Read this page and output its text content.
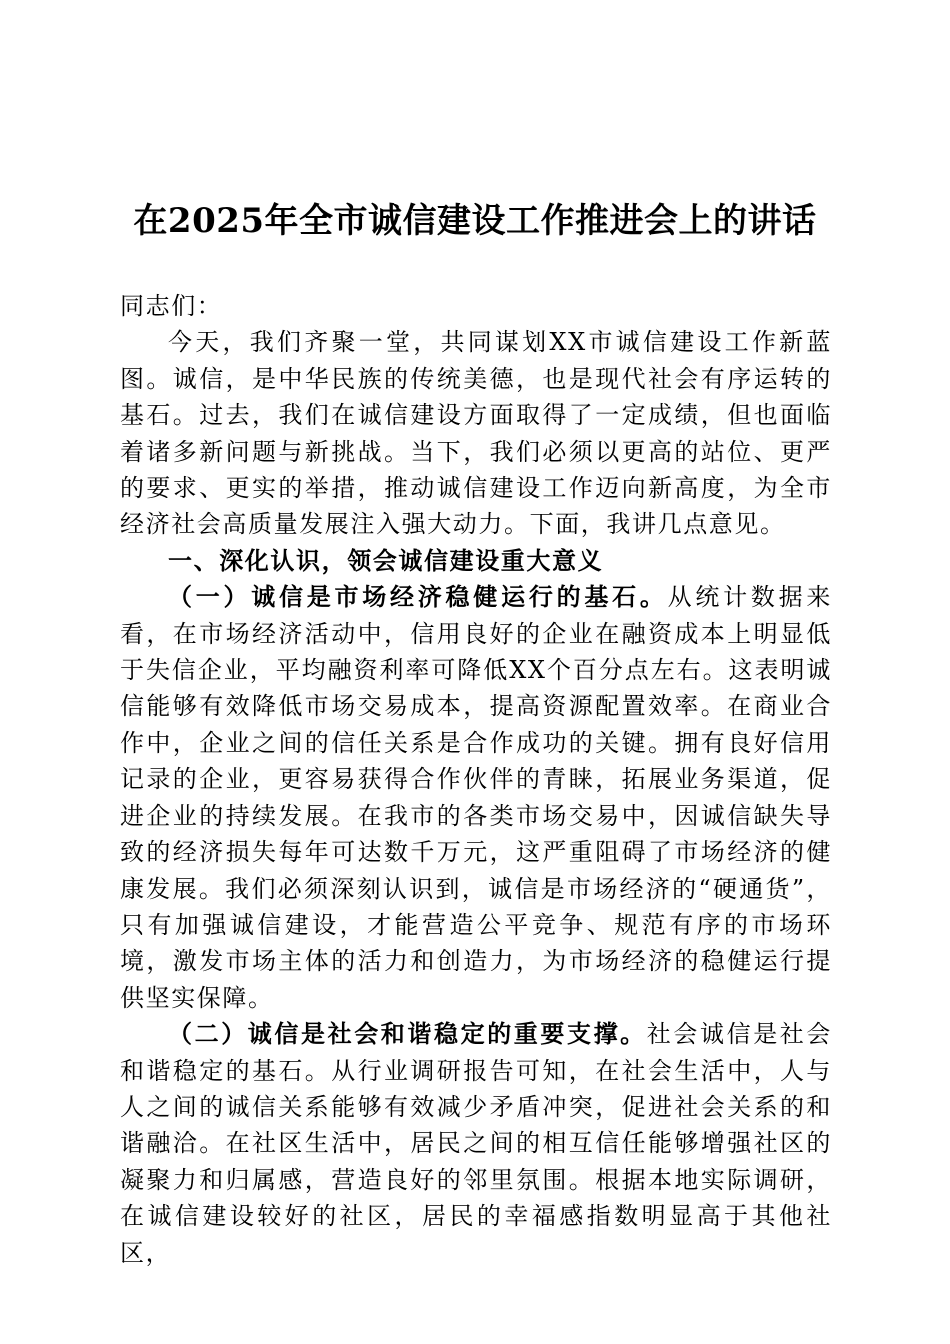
在2025年全市诚信建设工作推进会上的讲话

同志们：

今天，我们齐聚一堂，共同谋划XX市诚信建设工作新蓝图。诚信，是中华民族的传统美德，也是现代社会有序运转的基石。过去，我们在诚信建设方面取得了一定成绩，但也面临着诸多新问题与新挑战。当下，我们必须以更高的站位、更严的要求、更实的举措，推动诚信建设工作迈向新高度，为全市经济社会高质量发展注入强大动力。下面，我讲几点意见。

一、深化认识，领会诚信建设重大意义

（一）诚信是市场经济稳健运行的基石。从统计数据来看，在市场经济活动中，信用良好的企业在融资成本上明显低于失信企业，平均融资利率可降低XX个百分点左右。这表明诚信能够有效降低市场交易成本，提高资源配置效率。在商业合作中，企业之间的信任关系是合作成功的关键。拥有良好信用记录的企业，更容易获得合作伙伴的青睐，拓展业务渠道，促进企业的持续发展。在我市的各类市场交易中，因诚信缺失导致的经济损失每年可达数千万元，这严重阻碍了市场经济的健康发展。我们必须深刻认识到，诚信是市场经济的“硬通货”，只有加强诚信建设，才能营造公平竞争、规范有序的市场环境，激发市场主体的活力和创造力，为市场经济的稳健运行提供坚实保障。

（二）诚信是社会和谐稳定的重要支撑。社会诚信是社会和谐稳定的基石。从行业调研报告可知，在社会生活中，人与人之间的诚信关系能够有效减少矛盾冲突，促进社会关系的和谐融洽。在社区生活中，居民之间的相互信任能够增强社区的凝聚力和归属感，营造良好的邻里氛围。根据本地实际调研，在诚信建设较好的社区，居民的幸福感指数明显高于其他社区，
